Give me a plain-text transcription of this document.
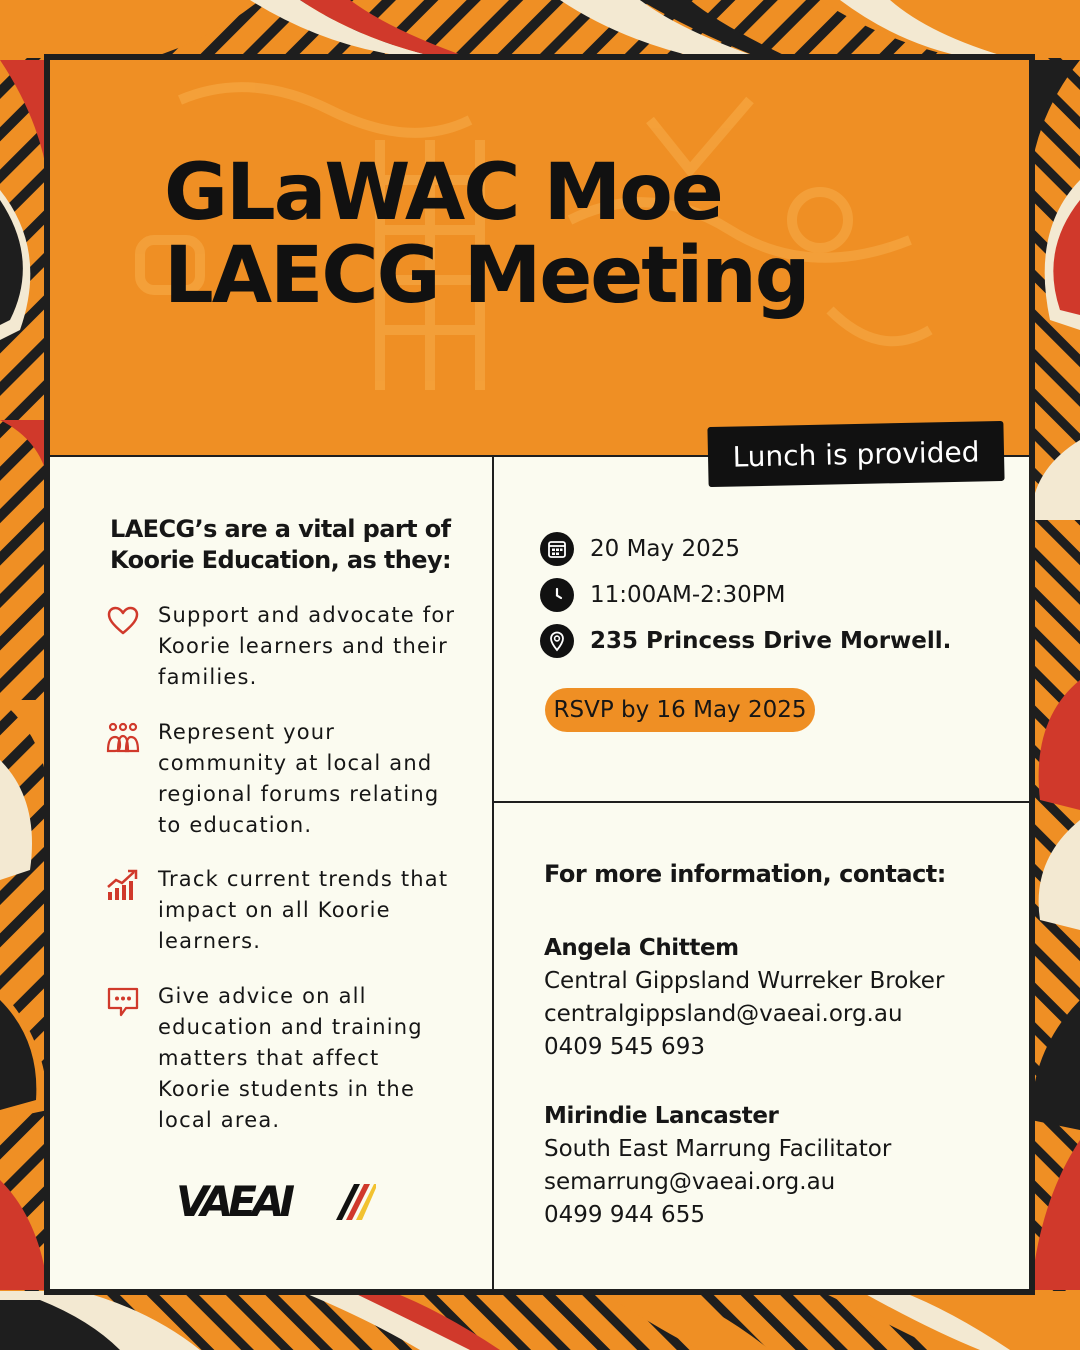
GLaWAC Moe
LAECG Meeting
Lunch is provided

LAECG’s are a vital part of
Koorie Education, as they:

Support and advocate for Koorie learners and their families.
Represent your community at local and regional forums relating to education.
Track current trends that impact on all Koorie learners.
Give advice on all education and training matters that affect Koorie students in the local area.
VAEAI
20 May 2025
11:00AM-2:30PM
235 Princess Drive Morwell.
RSVP by 16 May 2025

For more information, contact:

Angela Chittem
Central Gippsland Wurreker Broker
centralgippsland@vaeai.org.au
0409 545 693
Mirindie Lancaster
South East Marrung Facilitator
semarrung@vaeai.org.au
0499 944 655
